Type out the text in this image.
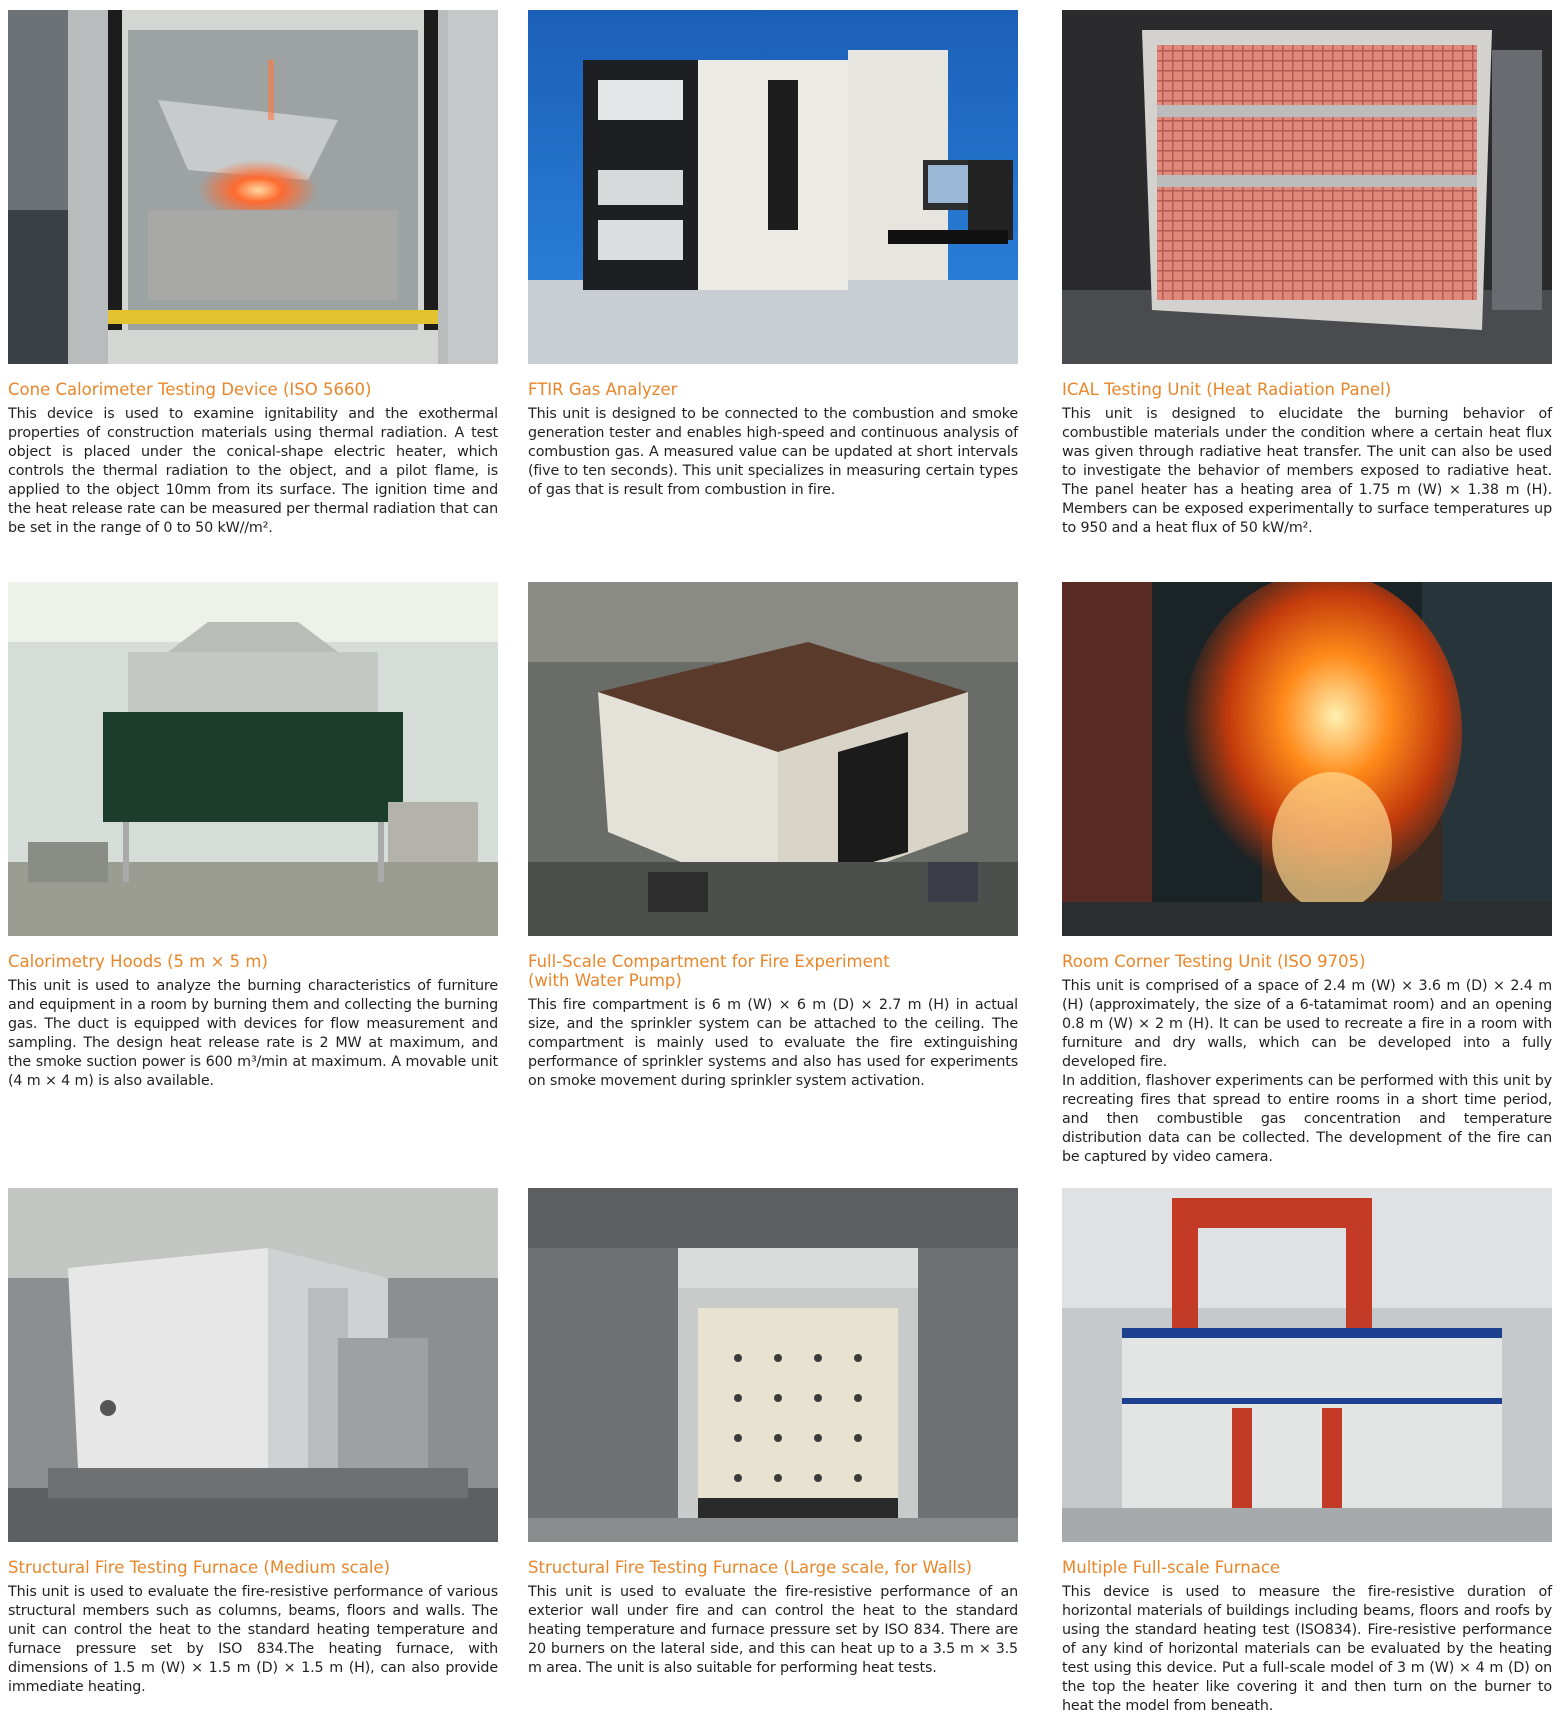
Cone Calorimeter Testing Device (ISO 5660)

This device is used to examine ignitability and the exothermal properties of construction materials using thermal radiation. A test object is placed under the conical-shape electric heater, which controls the thermal radiation to the object, and a pilot flame, is applied to the object 10mm from its surface. The ignition time and the heat release rate can be measured per thermal radiation that can be set in the range of 0 to 50 kW//m².

FTIR Gas Analyzer

This unit is designed to be connected to the combustion and smoke generation tester and enables high-speed and continuous analysis of combustion gas. A measured value can be updated at short intervals (five to ten seconds). This unit specializes in measuring certain types of gas that is result from combustion in fire.

ICAL Testing Unit (Heat Radiation Panel)

This unit is designed to elucidate the burning behavior of combustible materials under the condition where a certain heat flux was given through radiative heat transfer. The unit can also be used to investigate the behavior of members exposed to radiative heat. The panel heater has a heating area of 1.75 m (W) × 1.38 m (H). Members can be exposed experimentally to surface temperatures up to 950 and a heat flux of 50 kW/m².

Calorimetry Hoods (5 m × 5 m)

This unit is used to analyze the burning characteristics of furniture and equipment in a room by burning them and collecting the burning gas. The duct is equipped with devices for flow measurement and sampling. The design heat release rate is 2 MW at maximum, and the smoke suction power is 600 m³/min at maximum. A movable unit (4 m × 4 m) is also available.

Full-Scale Compartment for Fire Experiment
(with Water Pump)

This fire compartment is 6 m (W) × 6 m (D) × 2.7 m (H) in actual size, and the sprinkler system can be attached to the ceiling. The compartment is mainly used to evaluate the fire extinguishing performance of sprinkler systems and also has used for experiments on smoke movement during sprinkler system activation.

Room Corner Testing Unit (ISO 9705)

This unit is comprised of a space of 2.4 m (W) × 3.6 m (D) × 2.4 m (H) (approximately, the size of a 6-tatamimat room) and an opening 0.8 m (W) × 2 m (H). It can be used to recreate a fire in a room with furniture and dry walls, which can be developed into a fully developed fire.

In addition, flashover experiments can be performed with this unit by recreating fires that spread to entire rooms in a short time period, and then combustible gas concentration and temperature distribution data can be collected. The development of the fire can be captured by video camera.

Structural Fire Testing Furnace (Medium scale)

This unit is used to evaluate the fire-resistive performance of various structural members such as columns, beams, floors and walls. The unit can control the heat to the standard heating temperature and furnace pressure set by ISO 834.The heating furnace, with dimensions of 1.5 m (W) × 1.5 m (D) × 1.5 m (H), can also provide immediate heating.

Structural Fire Testing Furnace (Large scale, for Walls)

This unit is used to evaluate the fire-resistive performance of an exterior wall under fire and can control the heat to the standard heating temperature and furnace pressure set by ISO 834. There are 20 burners on the lateral side, and this can heat up to a 3.5 m × 3.5 m area. The unit is also suitable for performing heat tests.

Multiple Full-scale Furnace

This device is used to measure the fire-resistive duration of horizontal materials of buildings including beams, floors and roofs by using the standard heating test (ISO834). Fire-resistive performance of any kind of horizontal materials can be evaluated by the heating test using this device. Put a full-scale model of 3 m (W) × 4 m (D) on the top the heater like covering it and then turn on the burner to heat the model from beneath.
